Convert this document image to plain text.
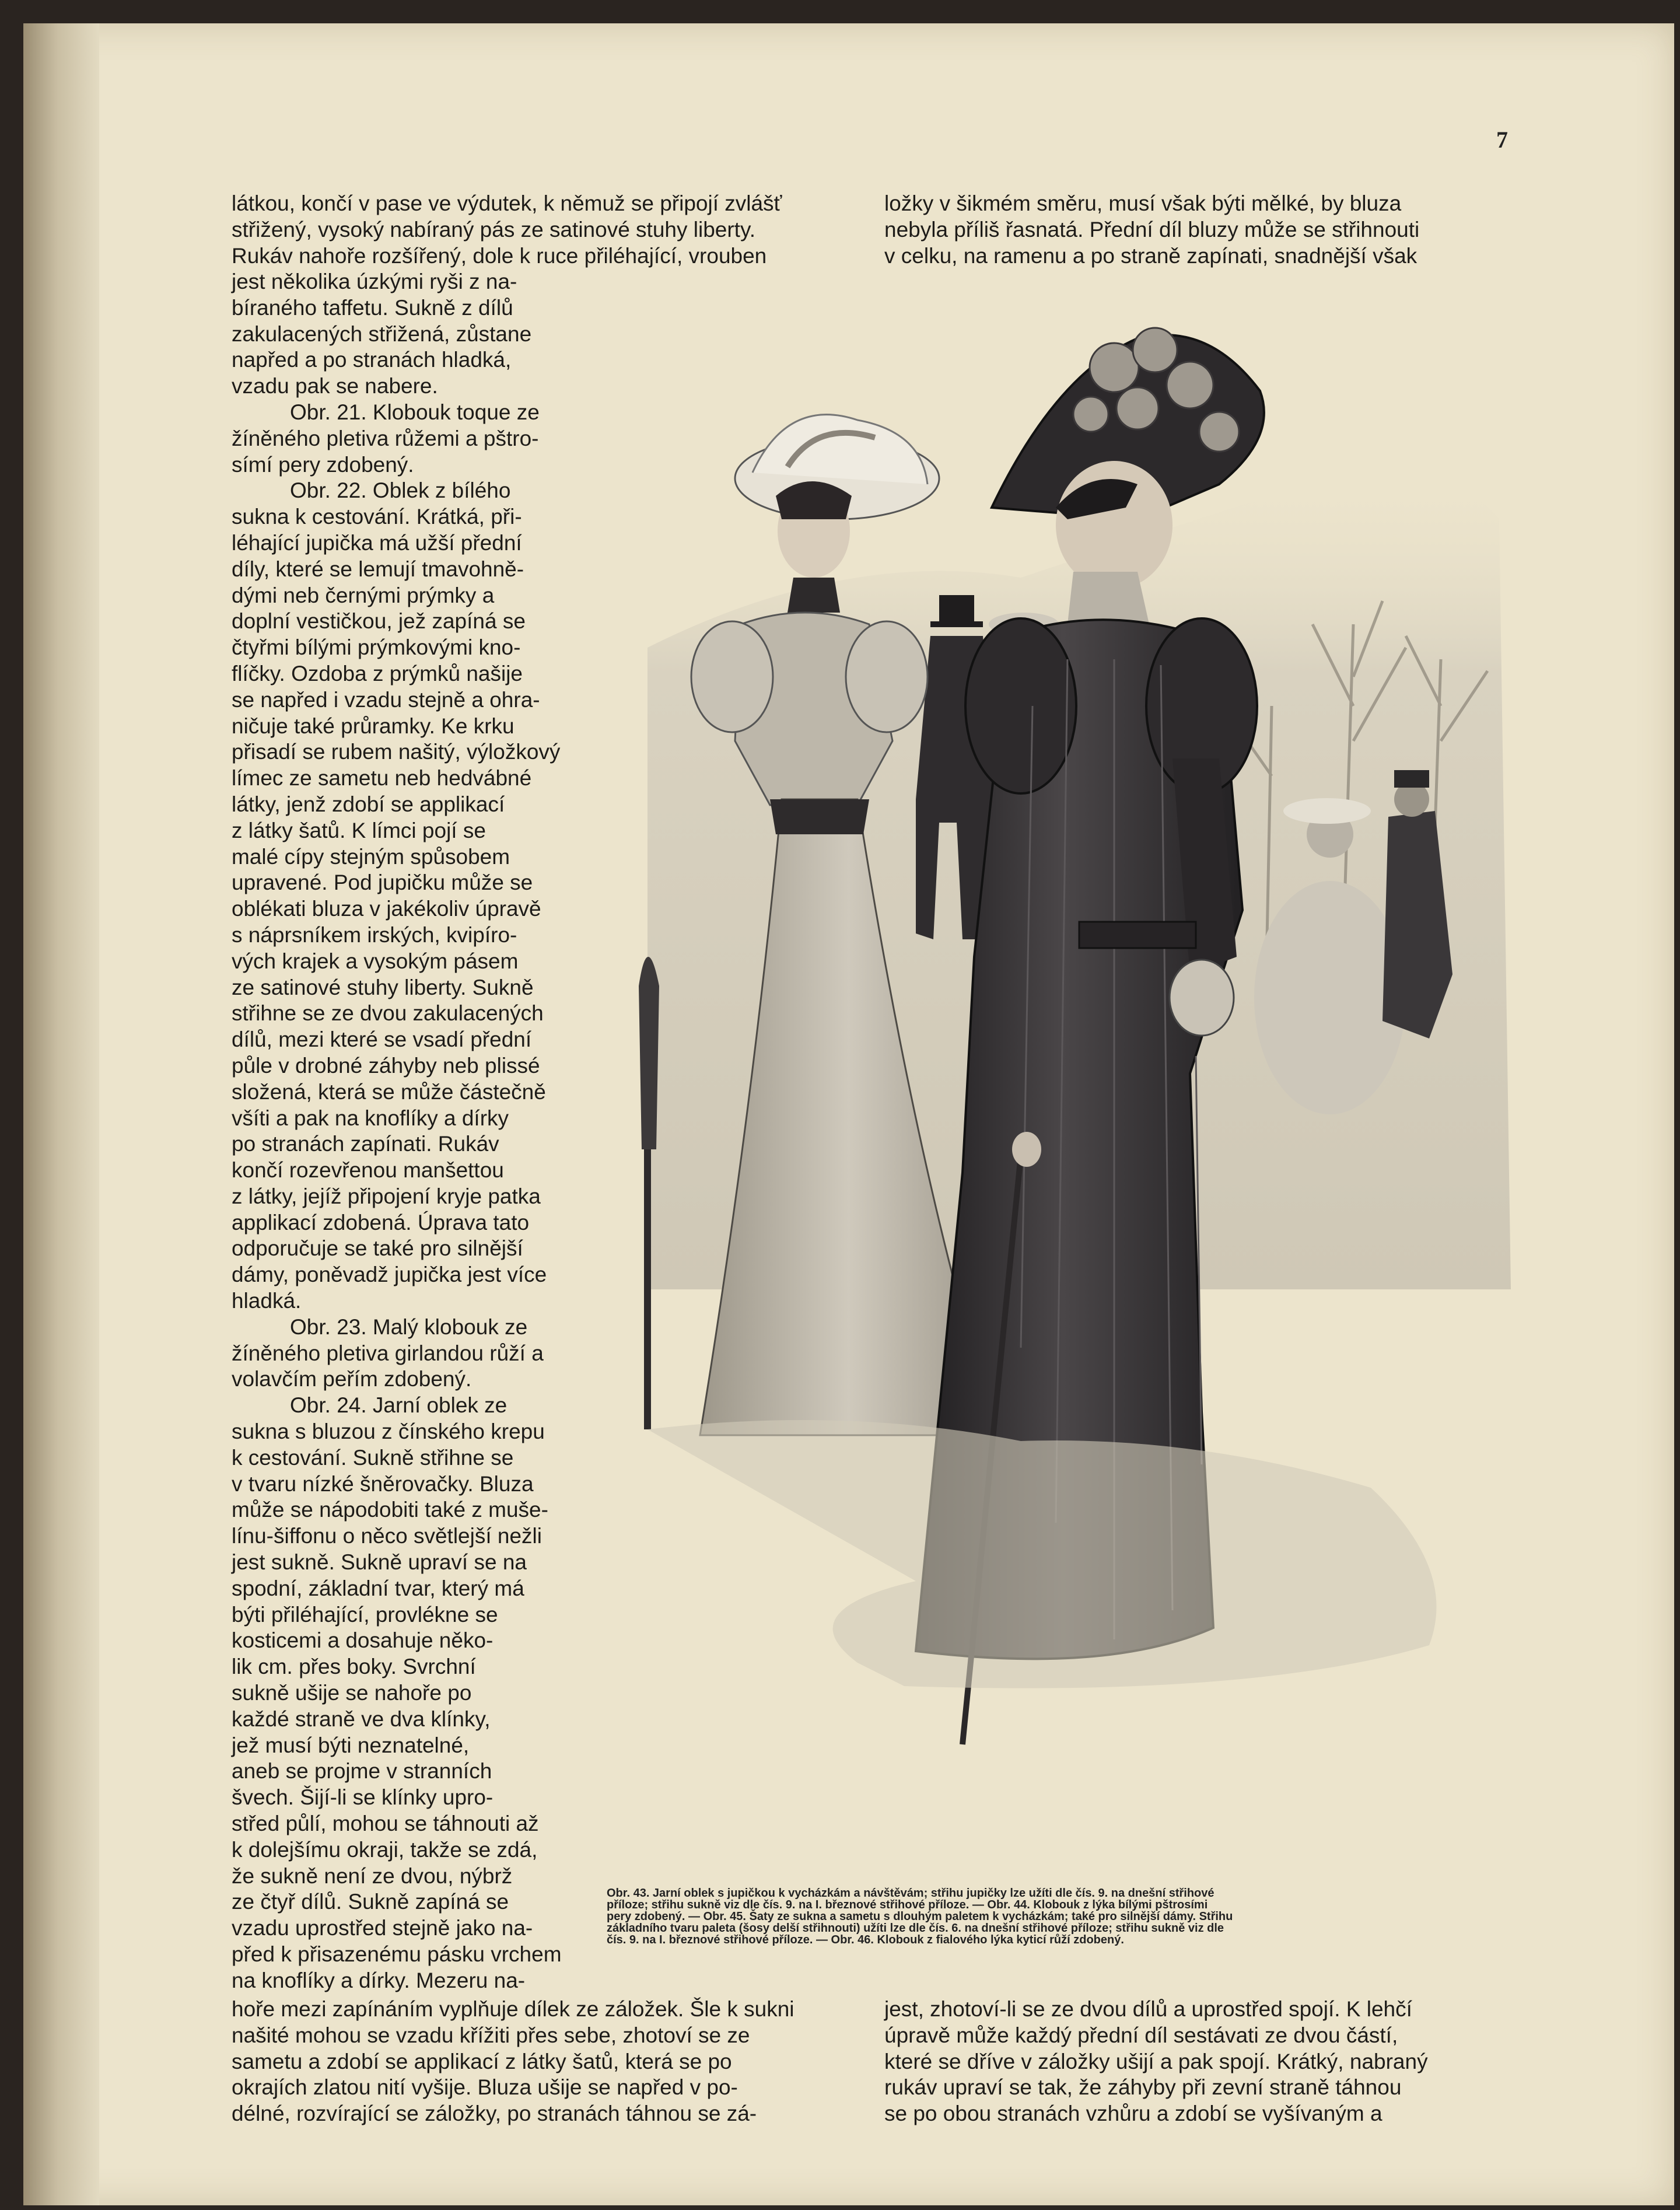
7
látkou, končí v pase ve výdutek, k němuž se připojí zvlášť
střižený, vysoký nabíraný pás ze satinové stuhy liberty.
Rukáv nahoře rozšířený, dole k ruce přiléhající, vrouben
ložky v šikmém směru, musí však býti mělké, by bluza
nebyla příliš řasnatá. Přední díl bluzy může se střihnouti
v celku, na ramenu a po straně zapínati, snadnější však
jest několika úzkými ryši z na-
bíraného taffetu. Sukně z dílů
zakulacených střižená, zůstane
napřed a po stranách hladká,
vzadu pak se nabere.
Obr. 21. Klobouk toque ze
žíněného pletiva růžemi a pštro-
símí pery zdobený.
Obr. 22. Oblek z bílého
sukna k cestování. Krátká, při-
léhající jupička má užší přední
díly, které se lemují tmavohně-
dými neb černými prýmky a
doplní vestičkou, jež zapíná se
čtyřmi bílými prýmkovými kno-
flíčky. Ozdoba z prýmků našije
se napřed i vzadu stejně a ohra-
ničuje také průramky. Ke krku
přisadí se rubem našitý, výložkový
límec ze sametu neb hedvábné
látky, jenž zdobí se applikací
z látky šatů. K límci pojí se
malé cípy stejným spůsobem
upravené. Pod jupičku může se
oblékati bluza v jakékoliv úpravě
s náprsníkem irských, kvipíro-
vých krajek a vysokým pásem
ze satinové stuhy liberty. Sukně
střihne se ze dvou zakulacených
dílů, mezi které se vsadí přední
půle v drobné záhyby neb plissé
složená, která se může částečně
všíti a pak na knoflíky a dírky
po stranách zapínati. Rukáv
končí rozevřenou manšettou
z látky, jejíž připojení kryje patka
applikací zdobená. Úprava tato
odporučuje se také pro silnější
dámy, poněvadž jupička jest více
hladká.
Obr. 23. Malý klobouk ze
žíněného pletiva girlandou růží a
volavčím peřím zdobený.
Obr. 24. Jarní oblek ze
sukna s bluzou z čínského krepu
k cestování. Sukně střihne se
v tvaru nízké šněrovačky. Bluza
může se nápodobiti také z muše-
línu-šiffonu o něco světlejší nežli
jest sukně. Sukně upraví se na
spodní, základní tvar, který má
býti přiléhající, provlékne se
kosticemi a dosahuje něko-
lik cm. přes boky. Svrchní
sukně ušije se nahoře po
každé straně ve dva klínky,
jež musí býti neznatelné,
aneb se projme v stranních
švech. Šijí-li se klínky upro-
střed půlí, mohou se táhnouti až
k dolejšímu okraji, takže se zdá,
že sukně není ze dvou, nýbrž
ze čtyř dílů. Sukně zapíná se
vzadu uprostřed stejně jako na-
před k přisazenému pásku vrchem
na knoflíky a dírky. Mezeru na-
Obr. 43. Jarní oblek s jupičkou k vycházkám a návštěvám; střihu jupičky lze užíti dle čís. 9. na dnešní střihové
příloze; střihu sukně viz dle čís. 9. na I. březnové střihové příloze. — Obr. 44. Klobouk z lýka bílými pštrosími
pery zdobený. — Obr. 45. Šaty ze sukna a sametu s dlouhým paletem k vycházkám; také pro silnější dámy. Střihu
základního tvaru paleta (šosy delší střihnouti) užíti lze dle čís. 6. na dnešní střihové příloze; střihu sukně viz dle
čís. 9. na I. březnové střihové příloze. — Obr. 46. Klobouk z fialového lýka kyticí růží zdobený.
hoře mezi zapínáním vyplňuje dílek ze záložek. Šle k sukni
našité mohou se vzadu křížiti přes sebe, zhotoví se ze
sametu a zdobí se applikací z látky šatů, která se po
okrajích zlatou nití vyšije. Bluza ušije se napřed v po-
délné, rozvírající se záložky, po stranách táhnou se zá-
jest, zhotoví-li se ze dvou dílů a uprostřed spojí. K lehčí
úpravě může každý přední díl sestávati ze dvou částí,
které se dříve v záložky ušijí a pak spojí. Krátký, nabraný
rukáv upraví se tak, že záhyby při zevní straně táhnou
se po obou stranách vzhůru a zdobí se vyšívaným a
